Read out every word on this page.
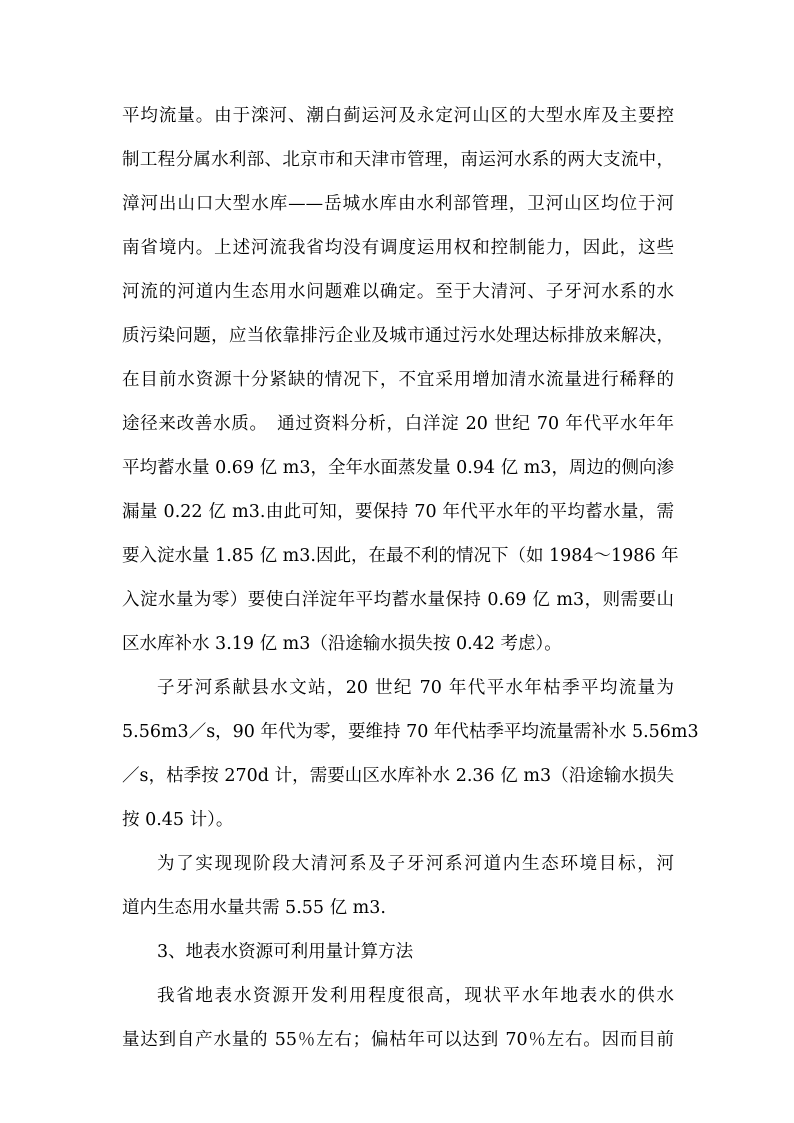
平均流量。由于滦河、潮白蓟运河及永定河山区的大型水库及主要控
制工程分属水利部、北京市和天津市管理，南运河水系的两大支流中，
漳河出山口大型水库——岳城水库由水利部管理，卫河山区均位于河
南省境内。上述河流我省均没有调度运用权和控制能力，因此，这些
河流的河道内生态用水问题难以确定。至于大清河、子牙河水系的水
质污染问题，应当依靠排污企业及城市通过污水处理达标排放来解决，
在目前水资源十分紧缺的情况下，不宜采用增加清水流量进行稀释的
途径来改善水质。　通过资料分析，白洋淀 20 世纪 70 年代平水年年
平均蓄水量 0.69 亿 m3，全年水面蒸发量 0.94 亿 m3，周边的侧向渗
漏量 0.22 亿 m3.由此可知，要保持 70 年代平水年的平均蓄水量，需
要入淀水量 1.85 亿 m3.因此，在最不利的情况下（如 1984～1986 年
入淀水量为零）要使白洋淀年平均蓄水量保持 0.69 亿 m3，则需要山
区水库补水 3.19 亿 m3（沿途输水损失按 0.42 考虑）。
子牙河系献县水文站，20 世纪 70 年代平水年枯季平均流量为
5.56m3／s，90 年代为零，要维持 70 年代枯季平均流量需补水 5.56m3
／s，枯季按 270d 计，需要山区水库补水 2.36 亿 m3（沿途输水损失
按 0.45 计）。
为了实现现阶段大清河系及子牙河系河道内生态环境目标，河
道内生态用水量共需 5.55 亿 m3.
3、地表水资源可利用量计算方法
我省地表水资源开发利用程度很高，现状平水年地表水的供水
量达到自产水量的 55％左右；偏枯年可以达到 70％左右。因而目前
